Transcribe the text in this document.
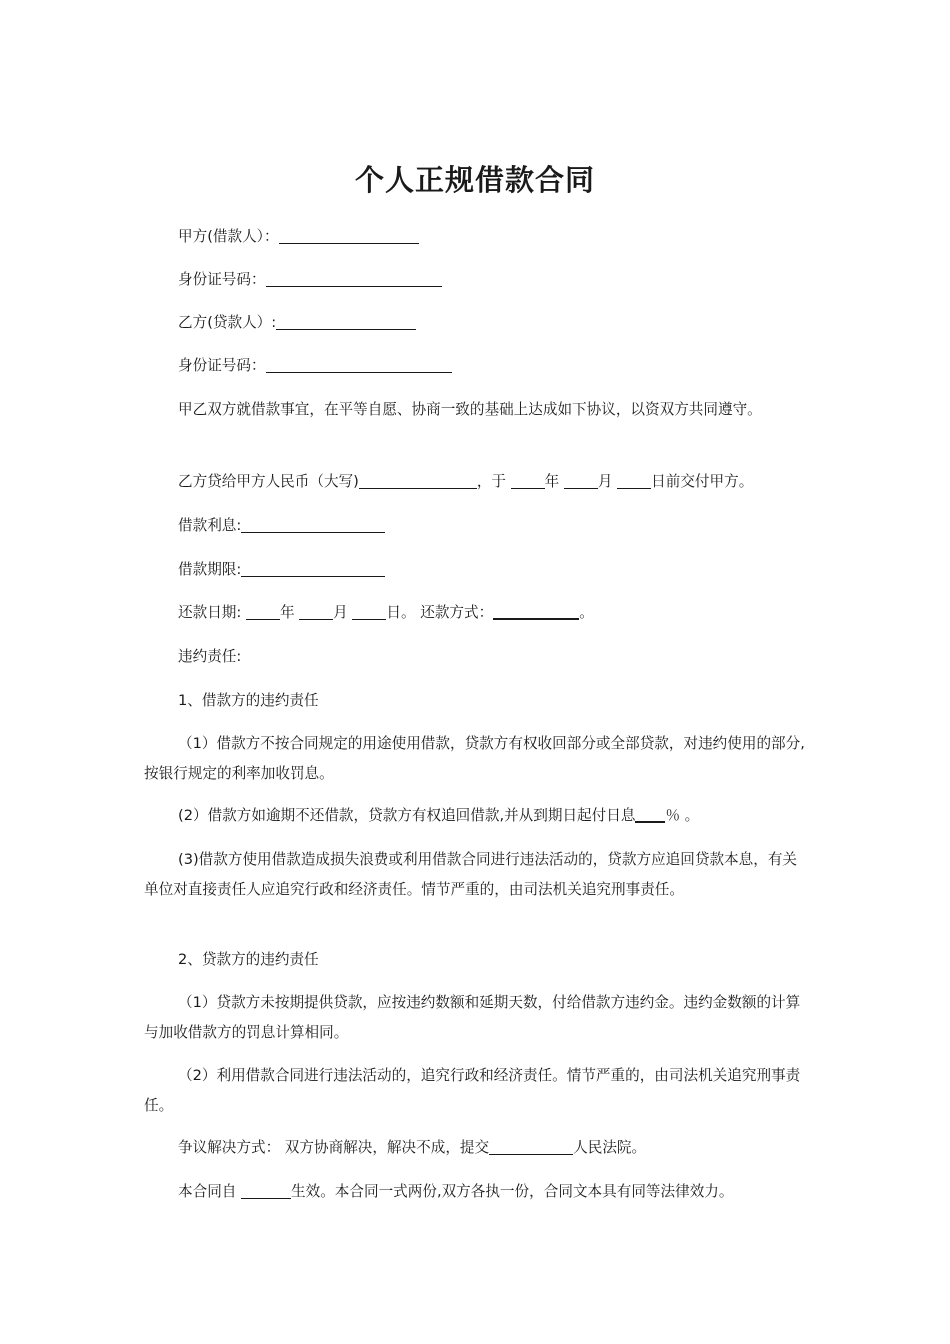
个人正规借款合同

甲方(借款人）：

身份证号码：

乙方(贷款人）:

身份证号码：

甲乙双方就借款事宜，在平等自愿、协商一致的基础上达成如下协议，以资双方共同遵守。

乙方贷给甲方人民币（大写)	，于 年 月 日前交付甲方。

借款利息:

借款期限:

还款日期: 年 月 日。 还款方式：	。

违约责任:

1、借款方的违约责任

（1）借款方不按合同规定的用途使用借款，贷款方有权收回部分或全部贷款，对违约使用的部分,按银行规定的利率加收罚息。

(2）借款方如逾期不还借款，贷款方有权追回借款,并从到期日起付日息 ％ 。

(3)借款方使用借款造成损失浪费或利用借款合同进行违法活动的，贷款方应追回贷款本息，有关单位对直接责任人应追究行政和经济责任。情节严重的，由司法机关追究刑事责任。

2、贷款方的违约责任

（1）贷款方未按期提供贷款，应按违约数额和延期天数，付给借款方违约金。违约金数额的计算与加收借款方的罚息计算相同。

（2）利用借款合同进行违法活动的，追究行政和经济责任。情节严重的，由司法机关追究刑事责任。

争议解决方式： 双方协商解决，解决不成，提交	人民法院。

本合同自	生效。本合同一式两份,双方各执一份，合同文本具有同等法律效力。
